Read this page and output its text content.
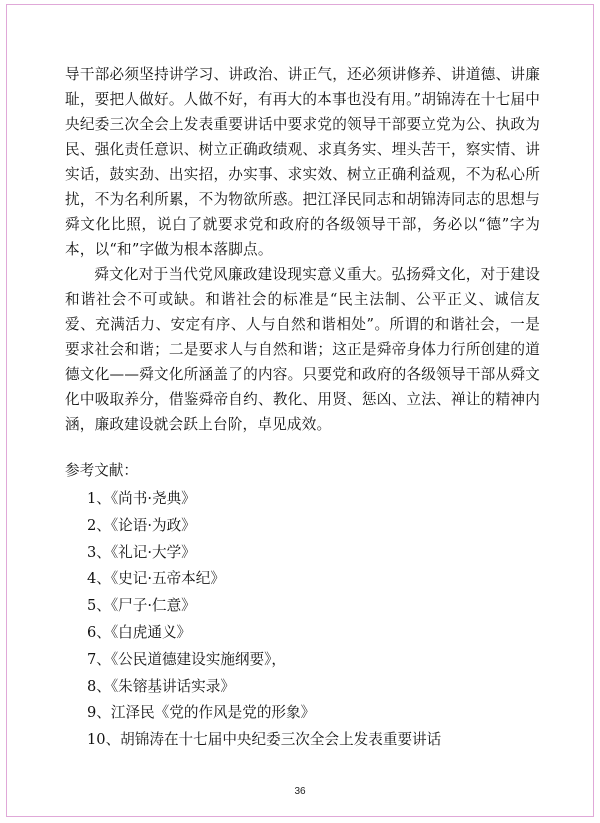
导干部必须坚持讲学习、讲政治、讲正气，还必须讲修养、讲道德、讲廉耻，要把人做好。人做不好，有再大的本事也没有用。”胡锦涛在十七届中央纪委三次全会上发表重要讲话中要求党的领导干部要立党为公、执政为民、强化责任意识、树立正确政绩观、求真务实、埋头苦干，察实情、讲实话，鼓实劲、出实招，办实事、求实效、树立正确利益观，不为私心所扰，不为名利所累，不为物欲所惑。把江泽民同志和胡锦涛同志的思想与舜文化比照，说白了就要求党和政府的各级领导干部，务必以“德”字为本，以“和”字做为根本落脚点。

舜文化对于当代党风廉政建设现实意义重大。弘扬舜文化，对于建设和谐社会不可或缺。和谐社会的标准是“民主法制、公平正义、诚信友爱、充满活力、安定有序、人与自然和谐相处”。所谓的和谐社会，一是要求社会和谐；二是要求人与自然和谐；这正是舜帝身体力行所创建的道德文化——舜文化所涵盖了的内容。只要党和政府的各级领导干部从舜文化中吸取养分，借鉴舜帝自约、教化、用贤、惩凶、立法、禅让的精神内涵，廉政建设就会跃上台阶，卓见成效。

参考文献：

1、《尚书·尧典》
2、《论语·为政》
3、《礼记·大学》
4、《史记·五帝本纪》
5、《尸子·仁意》
6、《白虎通义》
7、《公民道德建设实施纲要》，
8、《朱镕基讲话实录》
9、江泽民《党的作风是党的形象》
10、胡锦涛在十七届中央纪委三次全会上发表重要讲话
36
